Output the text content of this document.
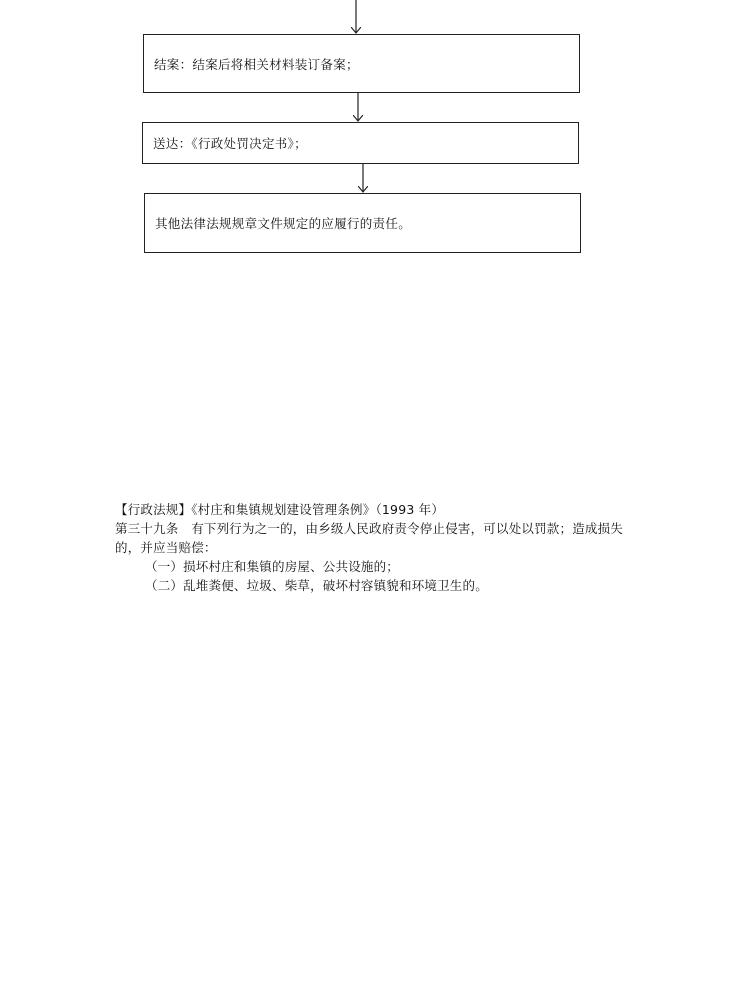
结案：结案后将相关材料装订备案；
送达：《行政处罚决定书》；
其他法律法规规章文件规定的应履行的责任。

【行政法规】《村庄和集镇规划建设管理条例》（1993 年）

第三十九条　有下列行为之一的，由乡级人民政府责令停止侵害，可以处以罚款；造成损失

的，并应当赔偿：

（一）损坏村庄和集镇的房屋、公共设施的；

（二）乱堆粪便、垃圾、柴草，破坏村容镇貌和环境卫生的。
